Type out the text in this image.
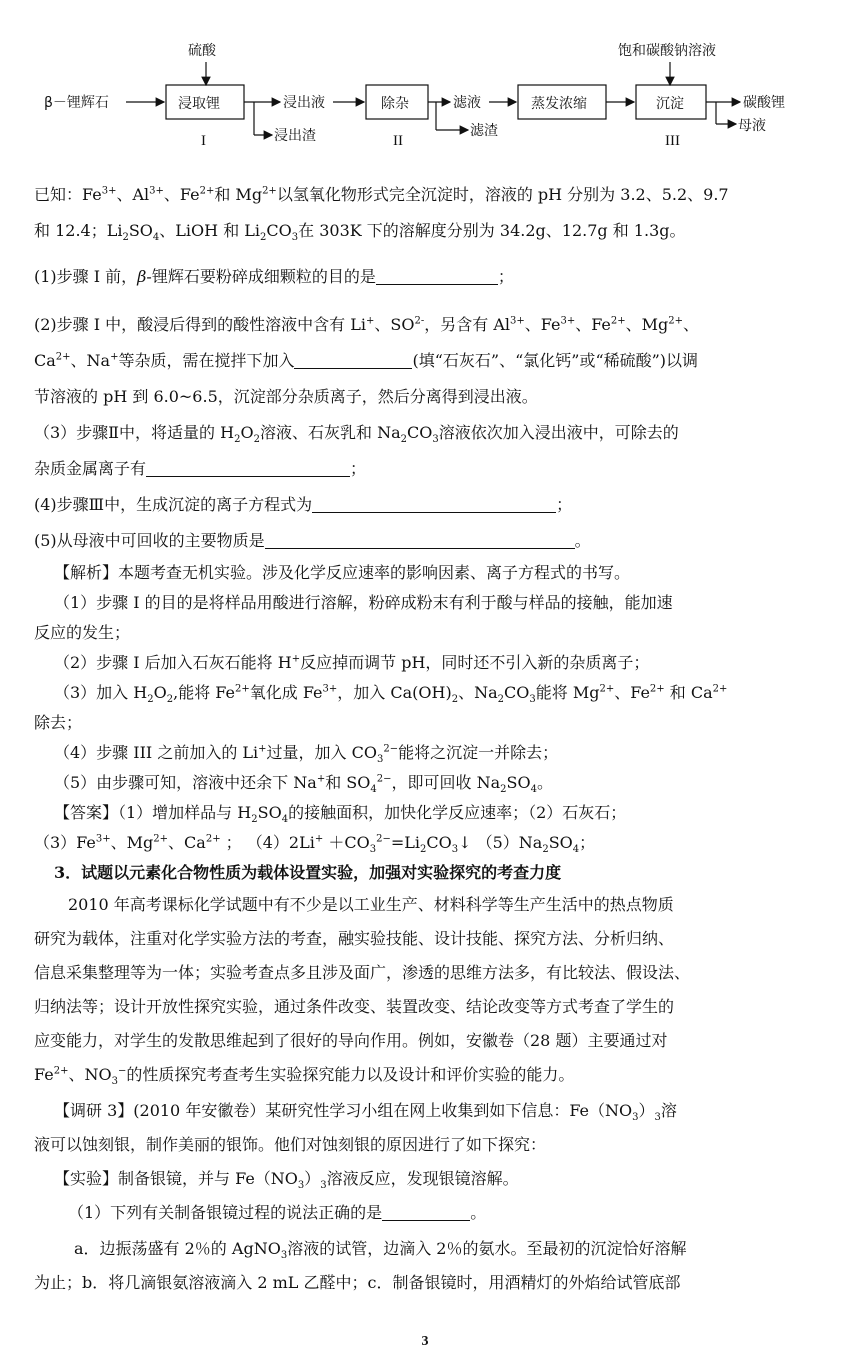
β－锂辉石
硫酸
浸取锂
I
浸出液
浸出渣
除杂
II
滤液
滤渣
蒸发浓缩
饱和碳酸钠溶液
沉淀
III
碳酸锂
母液
已知：$Fe^{3+}$、$Al^{3+}$、$Fe^{2+}$和 $Mg^{2+}$以氢氧化物形式完全沉淀时，溶液的 pH 分别为 3.2、5.2、9.7
和 12.4；$Li_2SO_4$、LiOH 和 $Li_2CO_3$在 303K 下的溶解度分别为 34.2g、12.7g 和 1.3g。
(1)步骤 I 前，β-锂辉石要粉碎成细颗粒的目的是	；
(2)步骤 I 中，酸浸后得到的酸性溶液中含有 Li+、$SO^{2-}$，另含有 $Al^{3+}$、$Fe^{3+}$、$Fe^{2+}$、$Mg^{2+}$、
$Ca^{2+}$、Na+等杂质，需在搅拌下加入	(填“石灰石”、“氯化钙”或“稀硫酸”)以调
节溶液的 pH 到 6.0~6.5，沉淀部分杂质离子，然后分离得到浸出液。
（3）步骤Ⅱ中，将适量的 $H_2O_2$溶液、石灰乳和 $Na_2CO_3$溶液依次加入浸出液中，可除去的
杂质金属离子有	；
(4)步骤Ⅲ中，生成沉淀的离子方程式为	；
(5)从母液中可回收的主要物质是	。
【解析】本题考查无机实验。涉及化学反应速率的影响因素、离子方程式的书写。
（1）步骤 I 的目的是将样品用酸进行溶解，粉碎成粉末有利于酸与样品的接触，能加速
反应的发生；
（2）步骤 I 后加入石灰石能将 H+反应掉而调节 pH，同时还不引入新的杂质离子；
（3）加入 $H_2O_2$,能将 $Fe^{2+}$氧化成 $Fe^{3+}$，加入 $Ca(OH)_2$、$Na_2CO_3$能将 $Mg^{2+}$、$Fe^{2+}$ 和 $Ca^{2+}$
除去；
（4）步骤 III 之前加入的 Li+过量，加入 $CO_3^{2-}$能将之沉淀一并除去；
（5）由步骤可知，溶液中还余下 Na+和 $SO_4^{2-}$，即可回收 $Na_2SO_4$。
【答案】（1）增加样品与 $H_2SO_4$的接触面积，加快化学反应速率；（2）石灰石；
$(3)Fe^{3+}$、$Mg^{2+}$、$Ca^{2+}$ ； $(4)2Li^+ +CO_3^{2-}=Li_2CO_3↓$ $(5)Na_2SO_4$；
3．试题以元素化合物性质为载体设置实验，加强对实验探究的考查力度
2010 年高考课标化学试题中有不少是以工业生产、材料科学等生产生活中的热点物质
研究为载体，注重对化学实验方法的考查，融实验技能、设计技能、探究方法、分析归纳、
信息采集整理等为一体；实验考查点多且涉及面广，渗透的思维方法多，有比较法、假设法、
归纳法等；设计开放性探究实验，通过条件改变、装置改变、结论改变等方式考查了学生的
应变能力，对学生的发散思维起到了很好的导向作用。例如，安徽卷（28 题）主要通过对
$Fe^{2+}$、$NO_3^-$的性质探究考查考生实验探究能力以及设计和评价实验的能力。
【调研 3】(2010 年安徽卷）某研究性学习小组在网上收集到如下信息：$Fe(NO_3)_3$溶
液可以蚀刻银，制作美丽的银饰。他们对蚀刻银的原因进行了如下探究：
【实验】制备银镜，并与 $Fe(NO_3)_3$溶液反应，发现银镜溶解。
（1）下列有关制备银镜过程的说法正确的是	。
a．边振荡盛有 2％的 AgNO$_3$溶液的试管，边滴入 2％的氨水。至最初的沉淀恰好溶解
为止；b．将几滴银氨溶液滴入 2 mL 乙醛中；c．制备银镜时，用酒精灯的外焰给试管底部
3
